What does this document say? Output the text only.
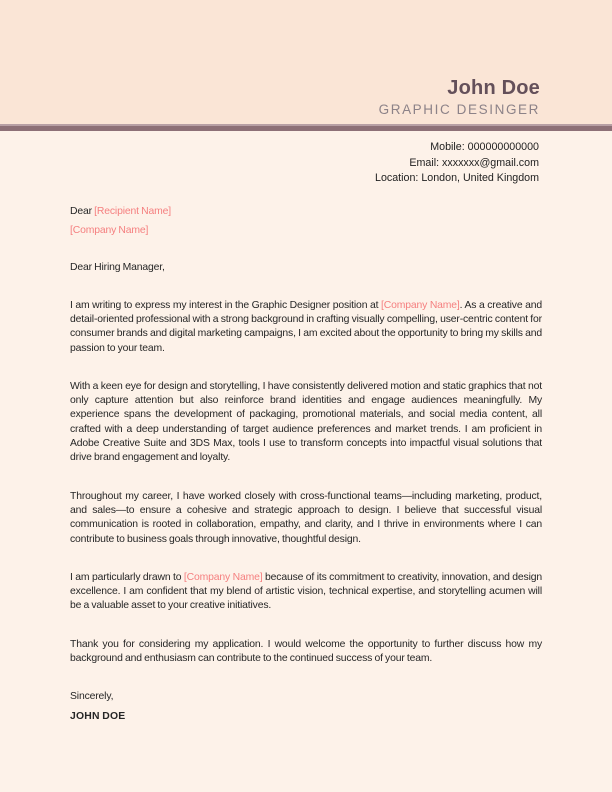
John Doe
GRAPHIC DESINGER
Mobile: 000000000000
Email: xxxxxxx@gmail.com
Location: London, United Kingdom

Dear [Recipient Name]

[Company Name]

Dear Hiring Manager,

I am writing to express my interest in the Graphic Designer position at [Company Name]. As a creative and detail-oriented professional with a strong background in crafting visually compelling, user-centric content for consumer brands and digital marketing campaigns, I am excited about the opportunity to bring my skills and passion to your team.

With a keen eye for design and storytelling, I have consistently delivered motion and static graphics that not only capture attention but also reinforce brand identities and engage audiences meaningfully. My experience spans the development of packaging, promotional materials, and social media content, all crafted with a deep understanding of target audience preferences and market trends. I am proficient in Adobe Creative Suite and 3DS Max, tools I use to transform concepts into impactful visual solutions that drive brand engagement and loyalty.

Throughout my career, I have worked closely with cross-functional teams—including marketing, product, and sales—to ensure a cohesive and strategic approach to design. I believe that successful visual communication is rooted in collaboration, empathy, and clarity, and I thrive in environments where I can contribute to business goals through innovative, thoughtful design.

I am particularly drawn to [Company Name] because of its commitment to creativity, innovation, and design excellence. I am confident that my blend of artistic vision, technical expertise, and storytelling acumen will be a valuable asset to your creative initiatives.

Thank you for considering my application. I would welcome the opportunity to further discuss how my background and enthusiasm can contribute to the continued success of your team.

Sincerely,

JOHN DOE
